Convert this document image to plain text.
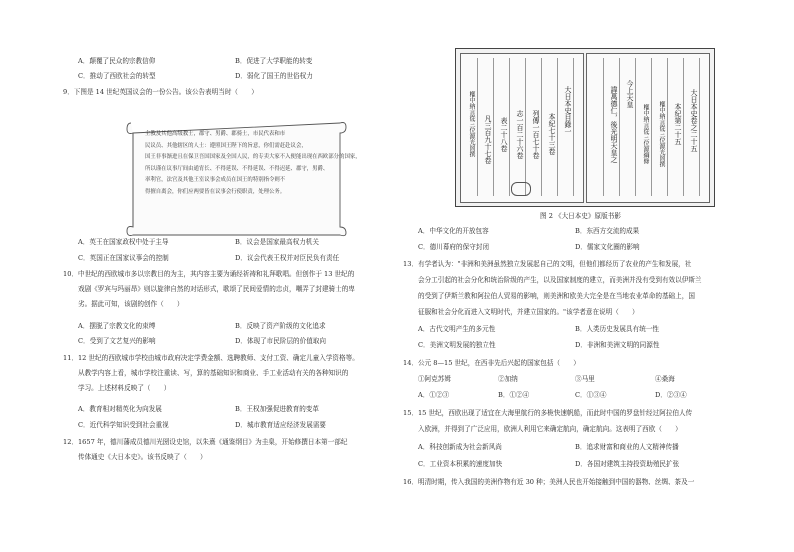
A．颠覆了民众的宗教信仰	B．促进了大学职能的转变
C．推动了西欧社会的转型	D．弱化了国王的世俗权力
9．下图是 14 世纪英国议会的一份公告。该公告表明当时（　　）
主教及其他高级教士，郡守、男爵、郡骑士，市民代表和市
民议员、其他辖区的人士：遵照国王陛下的旨意，你们需赶赴议会，
国王非事渐进且在保卫吾国国家及全国人民，的专卖大家不入便能出现在西欧部分的国家，
所以谨在议事厅间由通宵长、不得延误、不得延误、不得迟延、郡守，男爵、
率利官，法官及其他王室议事会成员在国王的特别指令则不
得擅自离会，你们应两要皆在议事会行使职责，处理公务。
A．英王在国家政权中处于主导	B．议会是国家最高权力机关
C．英国正在国家议事会的控制	D．议会代表王权并对臣民负有责任
10．中世纪的西欧城市多以宗教目的为主，其内容主要为诵经祈祷和礼拜歌唱。但创作于 13 世纪的
戏剧《罗宾与玛丽昂》则以旋律自然的对话形式，歌颂了民间爱情的忠贞，嘲弄了封建骑士的卑
劣。据此可知，该剧的创作（　　）
A．摆脱了宗教文化的束缚	B．反映了资产阶级的文化追求
C．受到了文艺复兴的影响	D．体现了市民阶层的价值取向
11．12 世纪的西欧城市学校由城市政府决定学费金额、选聘教师、支付工资、确定儿童入学资格等。
从教学内容上看，城市学校注重读、写，算的基础知识和商业、手工业活动有关的各种知识的
学习。上述材料反映了（　　）
A．教育相对精英化为向发展	B．王权加强促进教育的变革
C．近代科学知识受到社会重视	D．城市教育适应经济发展需要
12．1657 年，德川藩成员德川光圀设史馆，以朱熹《通鉴纲目》为圭臬，开始修撰日本第一部纪
传体通史《大日本史》。该书反映了（　　）
大日本史目錄一
本紀七十三卷
列傳一百七十卷
志一百二十六卷
表二十八卷
凡三百九十七卷
權中納言從三位源光圀撰	大日本史卷之二十五
本紀第二十五
權中納言從三位源光圀撰
權中納言從三位源綱條
今上天皇
諱萬德仁，後光明天皇之
图 2 《大日本史》原版书影
A．中华文化的开放包容	B．东西方交流的成果
C．德川幕府的保守封闭	D．儒家文化圈的影响
13．有学者认为："非洲和美洲虽然独立发展起自己的文明，但他们都经历了农业的产生和发展，社
会分工引起的社会分化和统治阶级的产生，以及国家制度的建立，而美洲并没有受到有效以伊斯兰
的受到了伊斯兰教和阿拉伯人贸易的影响，则美洲和欧美大完全是在当地农业革命的基础上，国
征服和社会分化而进入文明时代，并建立国家的。"该学者意在说明（　　）
A．古代文明产生的多元性	B．人类历史发展具有统一性
C．美洲文明发展的独立性	D．非洲和美洲文明的同源性
14．公元 8—15 世纪，在西非先后兴起的国家包括（　　）
①阿克苏姆	②加纳	③马里	④桑海
A．①②③	B．①②④	C．①③④	D．②③④
15．15 世纪，西欧出现了适宜在大海里航行的多桅快速帆船，而此时中国的罗盘针经过阿拉伯人传
入欧洲，并得到了广泛应用，欧洲人利用它来确定航向，确定航向。这表明了西欧（　　）
A．科技创新成为社会新风尚	B．追求财富和商业的人文精神传播
C．工业资本积累的速度加快	D．各国对建筑主持投资助殖民扩张
16．明清时期，传入我国的美洲作物有近 30 种；美洲人民也开始接触到中国的器物、丝绸、茶及一
